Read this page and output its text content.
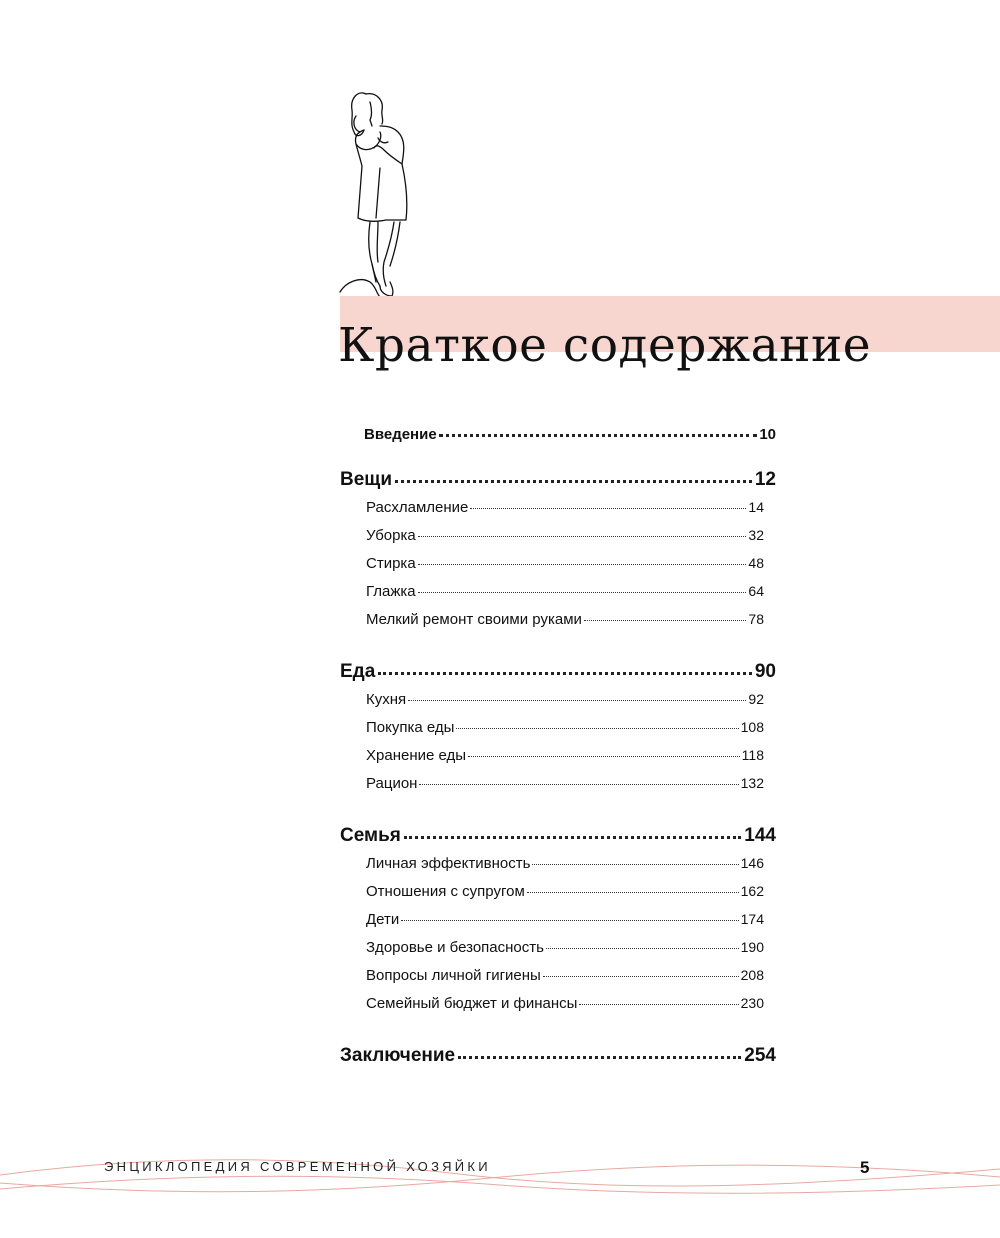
Краткое содержание
Введение	10
Вещи	12
Расхламление	14
Уборка	32
Стирка	48
Глажка	64
Мелкий ремонт своими руками	78
Еда	90
Кухня	92
Покупка еды	108
Хранение еды	118
Рацион	132
Семья	144
Личная эффективность	146
Отношения с супругом	162
Дети	174
Здоровье и безопасность	190
Вопросы личной гигиены	208
Семейный бюджет и финансы	230
Заключение	254
ЭНЦИКЛОПЕДИЯ СОВРЕМЕННОЙ ХОЗЯЙКИ	5
